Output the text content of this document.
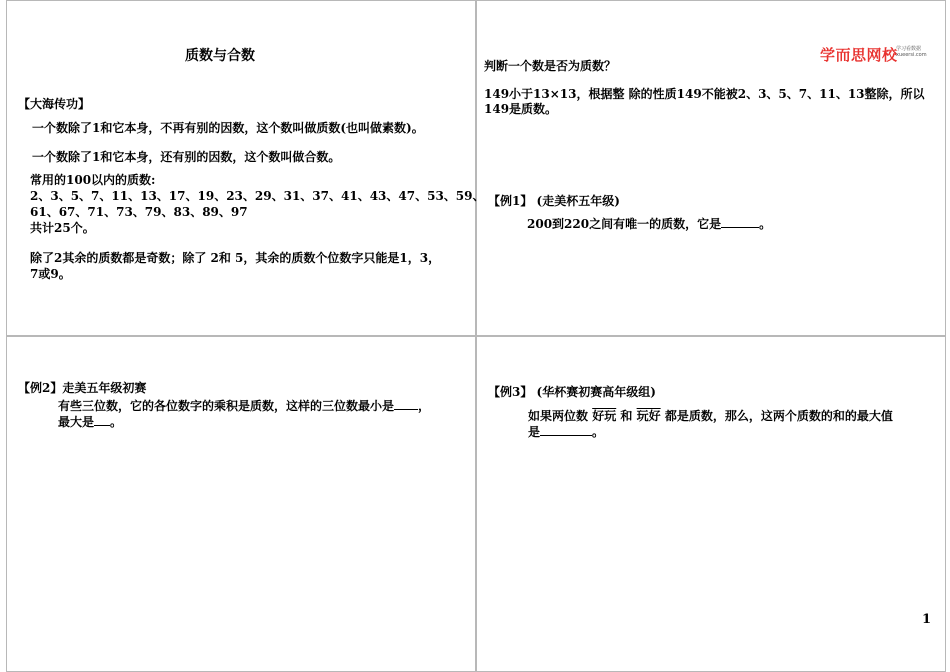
质数与合数
【大海传功】
一个数除了1和它本身，不再有别的因数，这个数叫做质数(也叫做素数)。
一个数除了1和它本身，还有别的因数，这个数叫做合数。
常用的100以内的质数:
2、3、5、7、11、13、17、19、23、29、31、37、41、43、47、53、59、
61、67、71、73、79、83、89、97
共计25个。
除了2其余的质数都是奇数；除了 2和 5，其余的质数个位数字只能是1，3，
7或9。
学而思网校
学习看数据
xueersi.com
判断一个数是否为质数？
149小于13×13，根据整 除的性质149不能被2、3、5、7、11、13整除，所以
149是质数。
【例1】 (走美杯五年级)
200到220之间有唯一的质数，它是	。
【例2】走美五年级初赛
有些三位数，它的各位数字的乘积是质数，这样的三位数最小是 ，
最大是 。
【例3】 (华杯赛初赛高年级组)
如果两位数 好玩 和 玩好 都是质数，那么，这两个质数的和的最大值
是	。
1
